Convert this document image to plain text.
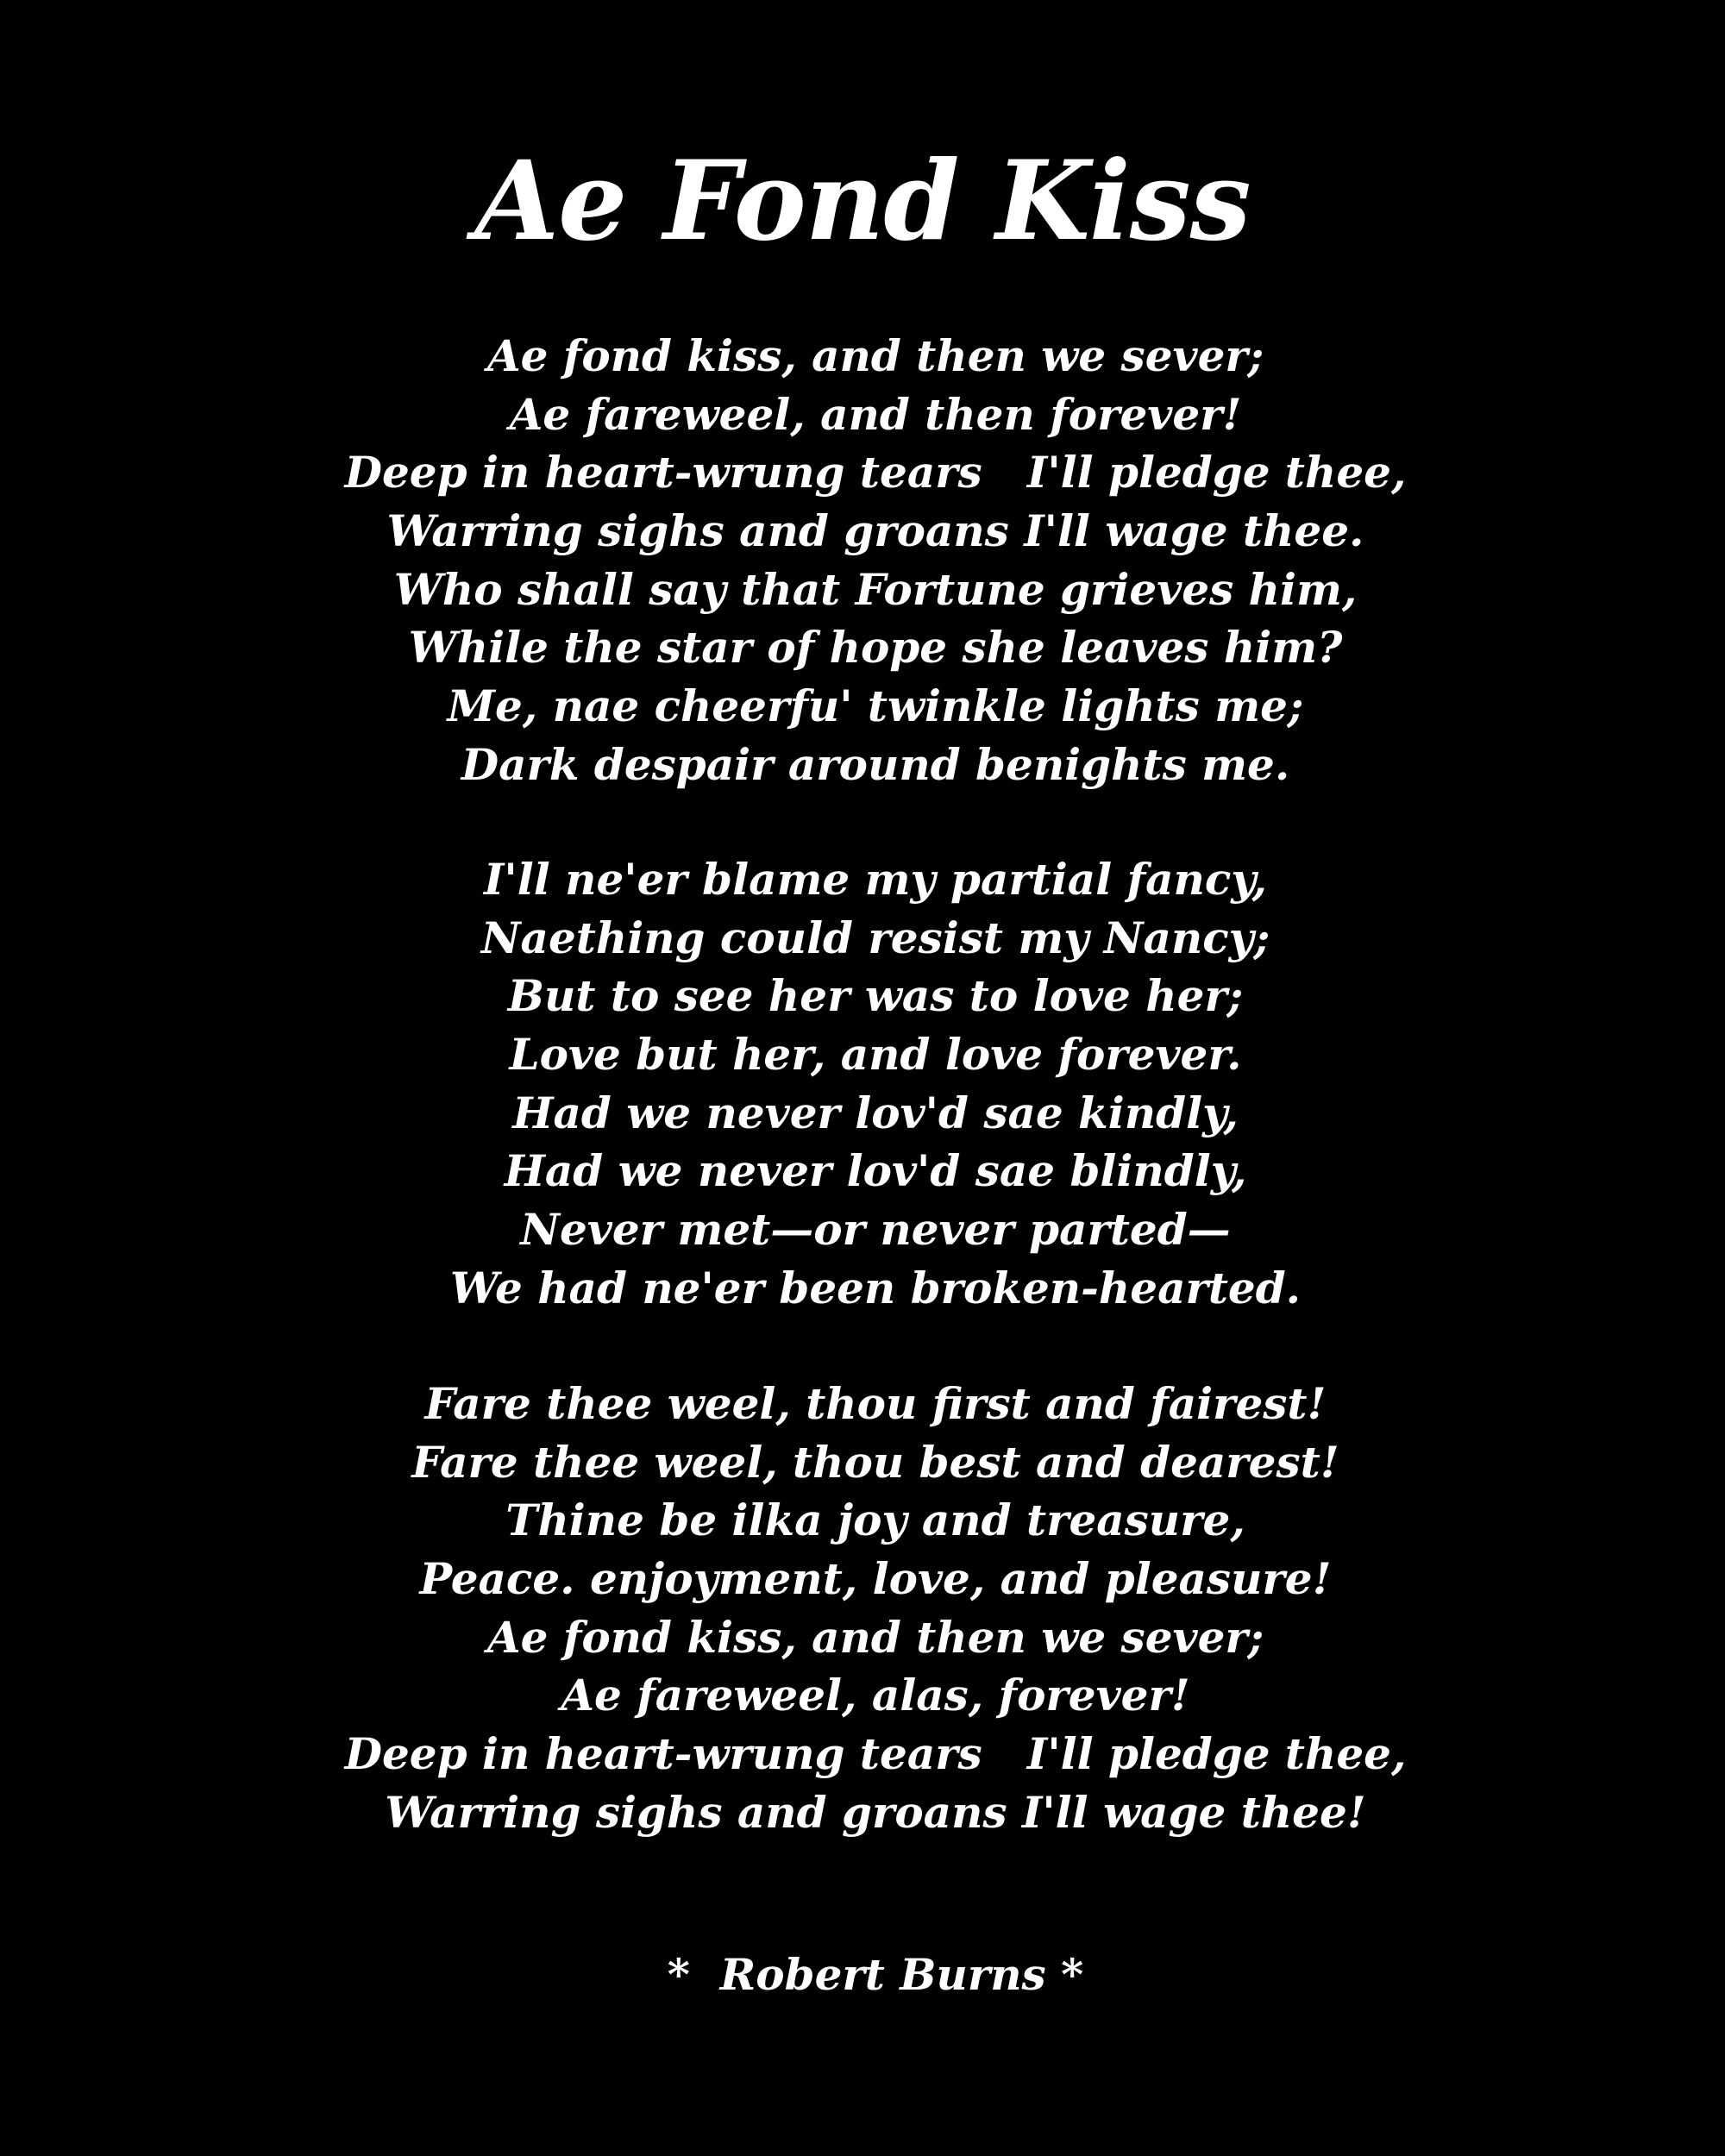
Ae Fond Kiss
Ae fond kiss, and then we sever;
Ae fareweel, and then forever!
Deep in heart-wrung tears   I'll pledge thee,
Warring sighs and groans I'll wage thee.
Who shall say that Fortune grieves him,
While the star of hope she leaves him?
Me, nae cheerfu' twinkle lights me;
Dark despair around benights me.
I'll ne'er blame my partial fancy,
Naething could resist my Nancy;
But to see her was to love her;
Love but her, and love forever.
Had we never lov'd sae kindly,
Had we never lov'd sae blindly,
Never met—or never parted—
We had ne'er been broken-hearted.
Fare thee weel, thou first and fairest!
Fare thee weel, thou best and dearest!
Thine be ilka joy and treasure,
Peace. enjoyment, love, and pleasure!
Ae fond kiss, and then we sever;
Ae fareweel, alas, forever!
Deep in heart-wrung tears   I'll pledge thee,
Warring sighs and groans I'll wage thee!
*  Robert Burns *
